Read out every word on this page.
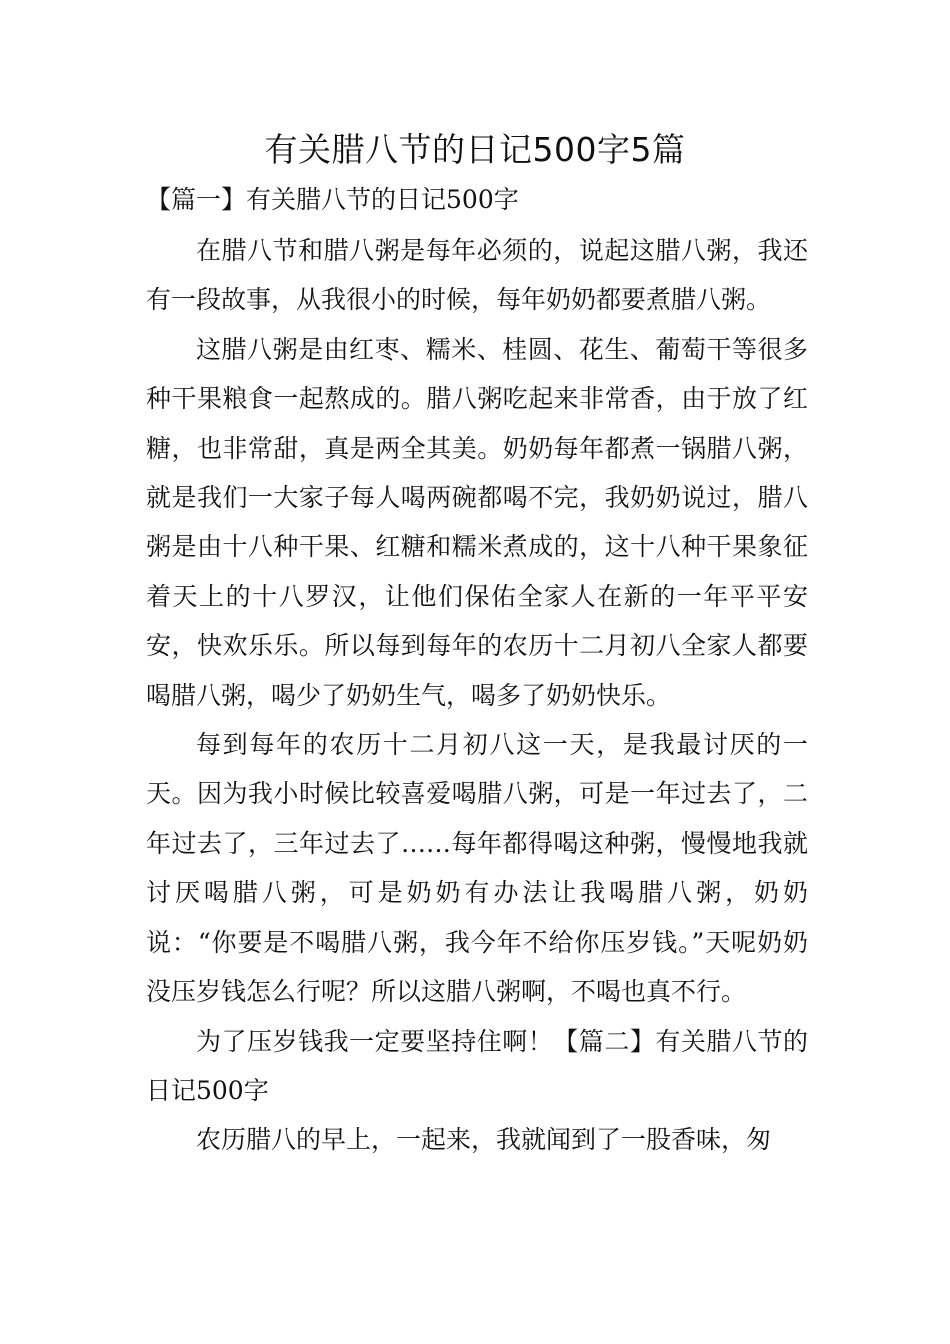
有关腊八节的日记500字5篇
【篇一】有关腊八节的日记500字

在腊八节和腊八粥是每年必须的，说起这腊八粥，我还有一段故事，从我很小的时候，每年奶奶都要煮腊八粥。

这腊八粥是由红枣、糯米、桂圆、花生、葡萄干等很多种干果粮食一起熬成的。腊八粥吃起来非常香，由于放了红糖，也非常甜，真是两全其美。奶奶每年都煮一锅腊八粥，就是我们一大家子每人喝两碗都喝不完，我奶奶说过，腊八粥是由十八种干果、红糖和糯米煮成的，这十八种干果象征着天上的十八罗汉，让他们保佑全家人在新的一年平平安安，快欢乐乐。所以每到每年的农历十二月初八全家人都要喝腊八粥，喝少了奶奶生气，喝多了奶奶快乐。

每到每年的农历十二月初八这一天，是我最讨厌的一天。因为我小时候比较喜爱喝腊八粥，可是一年过去了，二年过去了，三年过去了……每年都得喝这种粥，慢慢地我就讨厌喝腊八粥，可是奶奶有办法让我喝腊八粥，奶奶说：“你要是不喝腊八粥，我今年不给你压岁钱。”天呢奶奶没压岁钱怎么行呢？所以这腊八粥啊，不喝也真不行。

为了压岁钱我一定要坚持住啊！【篇二】有关腊八节的日记500字

农历腊八的早上，一起来，我就闻到了一股香味，匆
